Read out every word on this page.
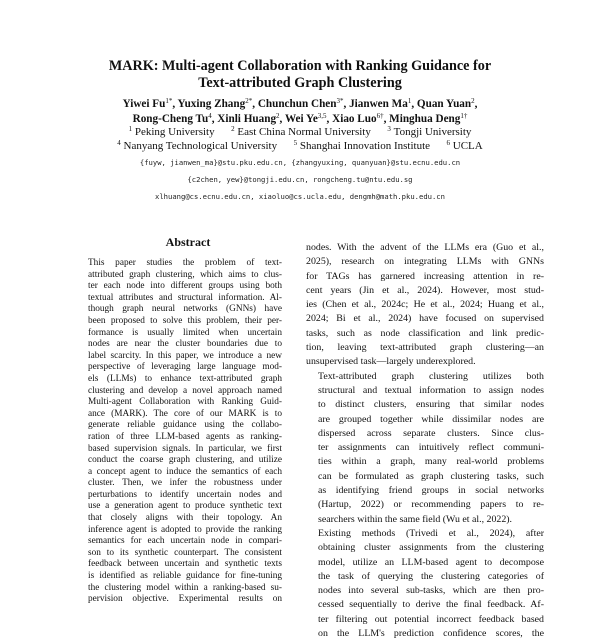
MARK: Multi-agent Collaboration with Ranking Guidance for
Text-attributed Graph Clustering
Yiwei $Fu^{1*}$, Yuxing Zhang$^{2*}$, Chunchun Chen$^{3*}$, Jianwen Ma$^1$, Quan Yuan$^2$,
Rong-Cheng Tu$^4$, Xinli Huang$^2$, Wei Ye$^{3,5}$, Xiao Luo$^{6\dagger}$, Minghua Deng$^{1\dagger}$
$^1$ Peking University   $^2$ East China Normal University   $^3$ Tongji University
$^4$ Nanyang Technological University   $^5$ Shanghai Innovation Institute   $^6$ UCLA
{fuyw, jianwen_ma}@stu.pku.edu.cn, {zhangyuxing, quanyuan}@stu.ecnu.edu.cn
{c2chen, yew}@tongji.edu.cn, rongcheng.tu@ntu.edu.sg
xlhuang@cs.ecnu.edu.cn, xiaoluo@cs.ucla.edu, dengmh@math.pku.edu.cn
Abstract
This paper studies the problem of text-
attributed graph clustering, which aims to clus-
ter each node into different groups using both
textual attributes and structural information. Al-
though graph neural networks (GNNs) have
been proposed to solve this problem, their per-
formance is usually limited when uncertain
nodes are near the cluster boundaries due to
label scarcity. In this paper, we introduce a new
perspective of leveraging large language mod-
els (LLMs) to enhance text-attributed graph
clustering and develop a novel approach named
Multi-agent Collaboration with Ranking Guid-
ance (MARK). The core of our MARK is to
generate reliable guidance using the collabo-
ration of three LLM-based agents as ranking-
based supervision signals. In particular, we first
conduct the coarse graph clustering, and utilize
a concept agent to induce the semantics of each
cluster. Then, we infer the robustness under
perturbations to identify uncertain nodes and
use a generation agent to produce synthetic text
that closely aligns with their topology. An
inference agent is adopted to provide the ranking
semantics for each uncertain node in compari-
son to its synthetic counterpart. The consistent
feedback between uncertain and synthetic texts
is identified as reliable guidance for fine-tuning
the clustering model within a ranking-based su-
pervision objective. Experimental results on

nodes. With the advent of the LLMs era (Guo et al.,
2025), research on integrating LLMs with GNNs
for TAGs has garnered increasing attention in re-
cent years (Jin et al., 2024). However, most stud-
ies (Chen et al., 2024c; He et al., 2024; Huang et al.,
2024; Bi et al., 2024) have focused on supervised
tasks, such as node classification and link predic-
tion, leaving text-attributed graph clustering—an
unsupervised task—largely underexplored.

Text-attributed graph clustering utilizes both
structural and textual information to assign nodes
to distinct clusters, ensuring that similar nodes
are grouped together while dissimilar nodes are
dispersed across separate clusters. Since clus-
ter assignments can intuitively reflect communi-
ties within a graph, many real-world problems
can be formulated as graph clustering tasks, such
as identifying friend groups in social networks
(Hartup, 2022) or recommending papers to re-
searchers within the same field (Wu et al., 2022).

Existing methods (Trivedi et al., 2024), after
obtaining cluster assignments from the clustering
model, utilize an LLM-based agent to decompose
the task of querying the clustering categories of
nodes into several sub-tasks, which are then pro-
cessed sequentially to derive the final feedback. Af-
ter filtering out potential incorrect feedback based
on the LLM's prediction confidence scores, the
